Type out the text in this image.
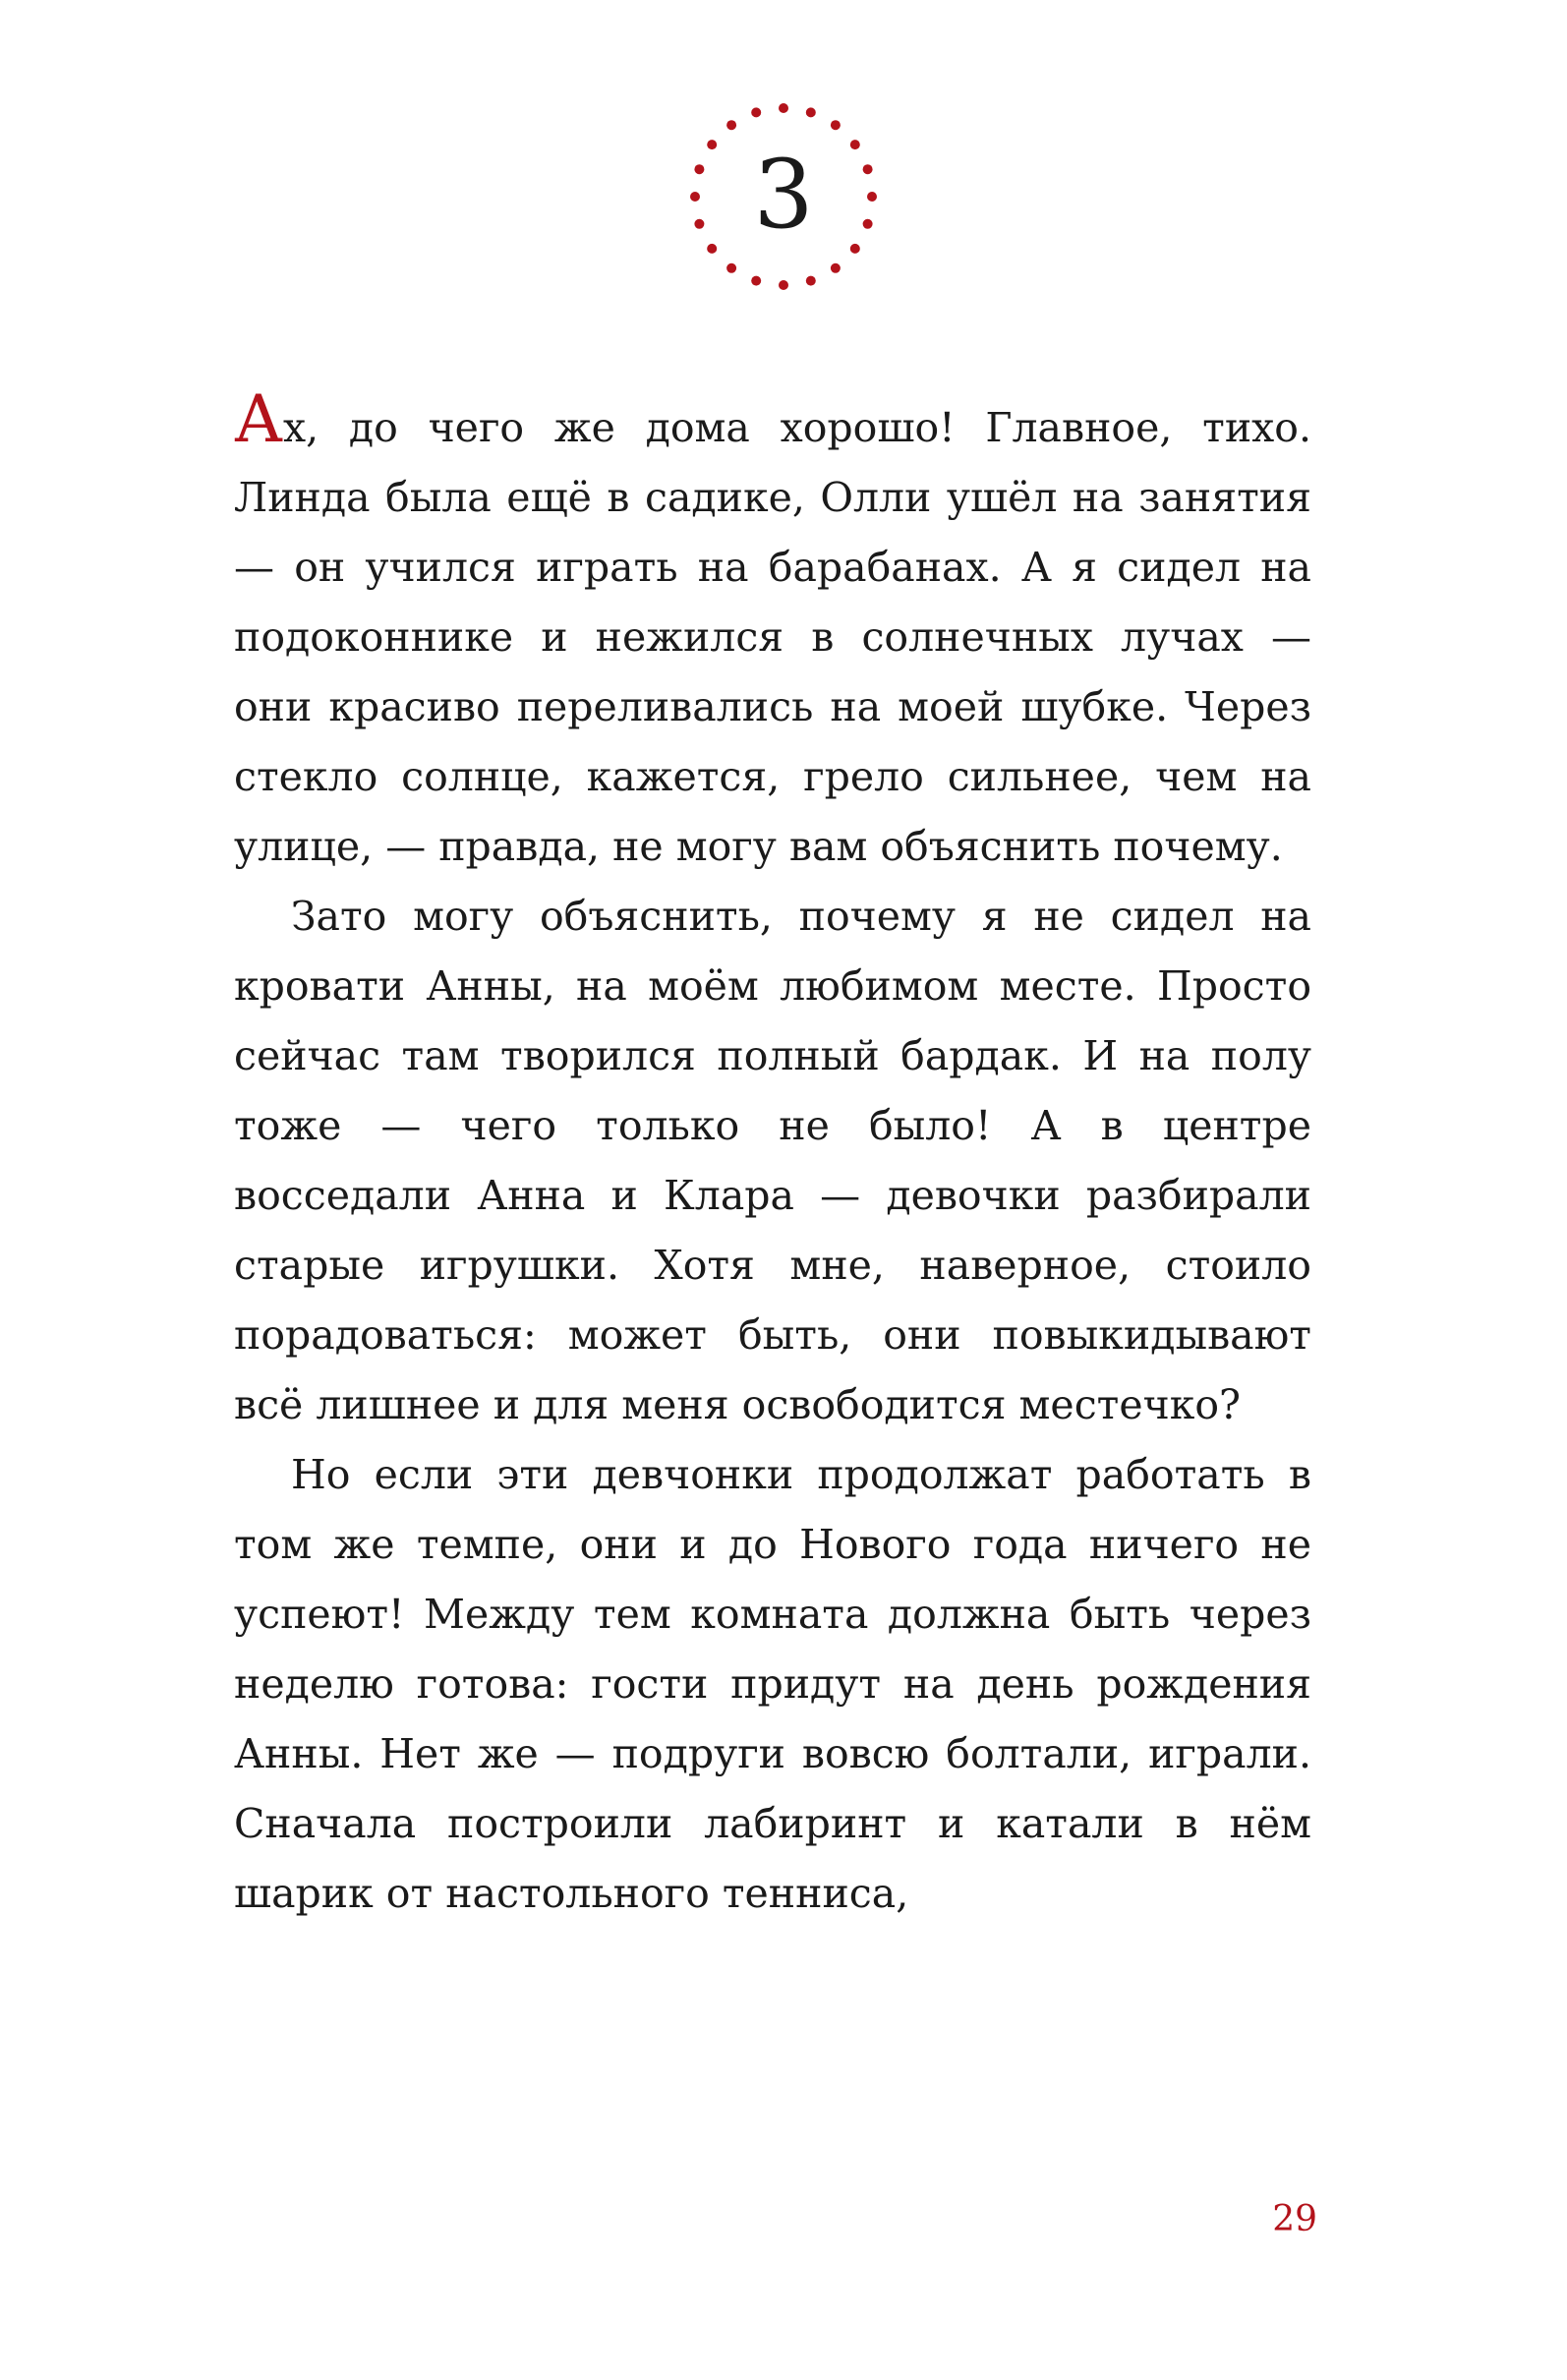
3

Ах, до чего же дома хорошо! Главное, тихо. Линда была ещё в садике, Олли ушёл на занятия — он учился играть на барабанах. А я сидел на подоконнике и нежился в солнечных лучах — они красиво переливались на моей шубке. Через стекло солнце, кажется, грело сильнее, чем на улице, — правда, не могу вам объяснить почему.

Зато могу объяснить, почему я не сидел на кровати Анны, на моём любимом месте. Просто сейчас там творился полный бардак. И на полу тоже — чего только не было! А в центре восседали Анна и Клара — девочки разбирали старые игрушки. Хотя мне, наверное, стоило порадоваться: может быть, они повыкидывают всё лишнее и для меня освободится местечко?

Но если эти девчонки продолжат работать в том же темпе, они и до Нового года ничего не успеют! Между тем комната должна быть через неделю готова: гости придут на день рождения Анны. Нет же — подруги вовсю болтали, играли. Сначала построили лабиринт и катали в нём шарик от настольного тенниса,

29
